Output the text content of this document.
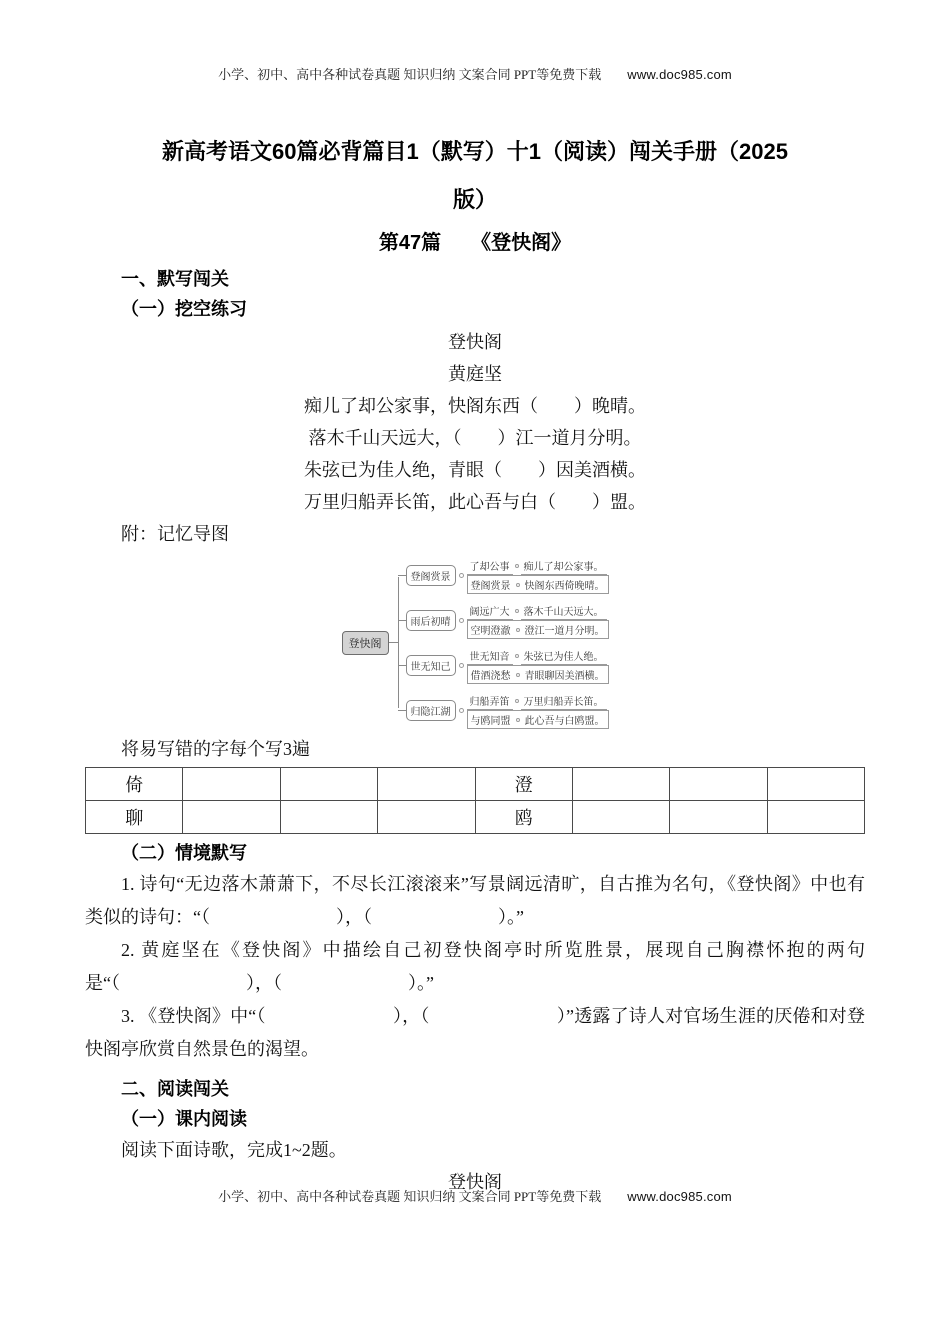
小学、初中、高中各种试卷真题 知识归纳 文案合同 PPT等免费下载 www.doc985.com
新高考语文60篇必背篇目1（默写）十1（阅读）闯关手册（2025
版）
第47篇　　《登快阁》
一、默写闯关
（一）挖空练习
登快阁
黄庭坚
痴儿了却公家事，快阁东西（　　）晚晴。
落木千山天远大，（　　）江一道月分明。
朱弦已为佳人绝，青眼（　　）因美酒横。
万里归船弄长笛，此心吾与白（　　）盟。
附：记忆导图
登快阁
登阁赏景
了却公事	痴儿了却公家事。
登阁赏景	快阁东西倚晚晴。
雨后初晴
阔远广大	落木千山天远大。
空明澄澈	澄江一道月分明。
世无知己
世无知音	朱弦已为佳人绝。
借酒浇愁	青眼聊因美酒横。
归隐江湖
归船弄笛	万里归船弄长笛。
与鸥同盟	此心吾与白鸥盟。
将易写错的字每个写3遍
倚				澄			
聊				鸥			
（二）情境默写
1. 诗句“无边落木萧萧下，不尽长江滚滚来”写景阔远清旷，自古推为名句，《登快阁》中也有类似的诗句：“（　　　　　　　），（　　　　　　　）。”
2. 黄庭坚在《登快阁》中描绘自己初登快阁亭时所览胜景，展现自己胸襟怀抱的两句是“（　　　　　　　），（　　　　　　　）。”
3. 《登快阁》中“（　　　　　　　），（　　　　　　　）”透露了诗人对官场生涯的厌倦和对登快阁亭欣赏自然景色的渴望。
二、阅读闯关
（一）课内阅读
阅读下面诗歌，完成1~2题。
登快阁
小学、初中、高中各种试卷真题 知识归纳 文案合同 PPT等免费下载 www.doc985.com
